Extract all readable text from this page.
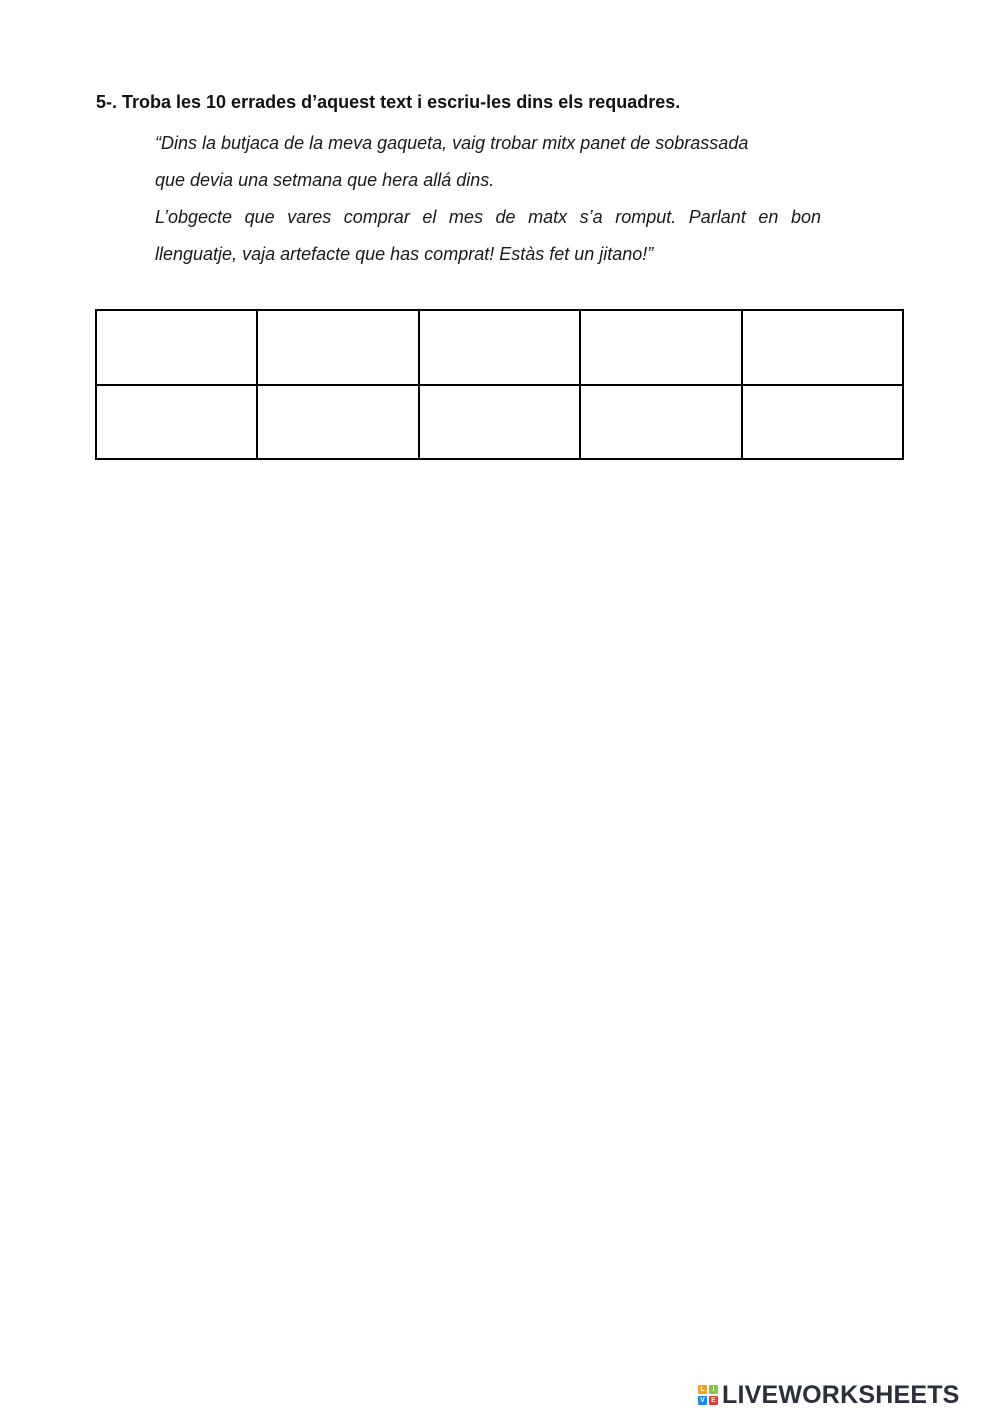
5-. Troba les 10 errades d’aquest text i escriu-les dins els requadres.
“Dins la butjaca de la meva gaqueta, vaig trobar mitx panet de sobrassada
que devia una setmana que hera allá dins.
L’obgecte que vares comprar el mes de matx s’a romput. Parlant en bon
llenguatje, vaja artefacte que has comprat! Estàs fet un jitano!”

L	I
V E LIVEWORKSHEETS
